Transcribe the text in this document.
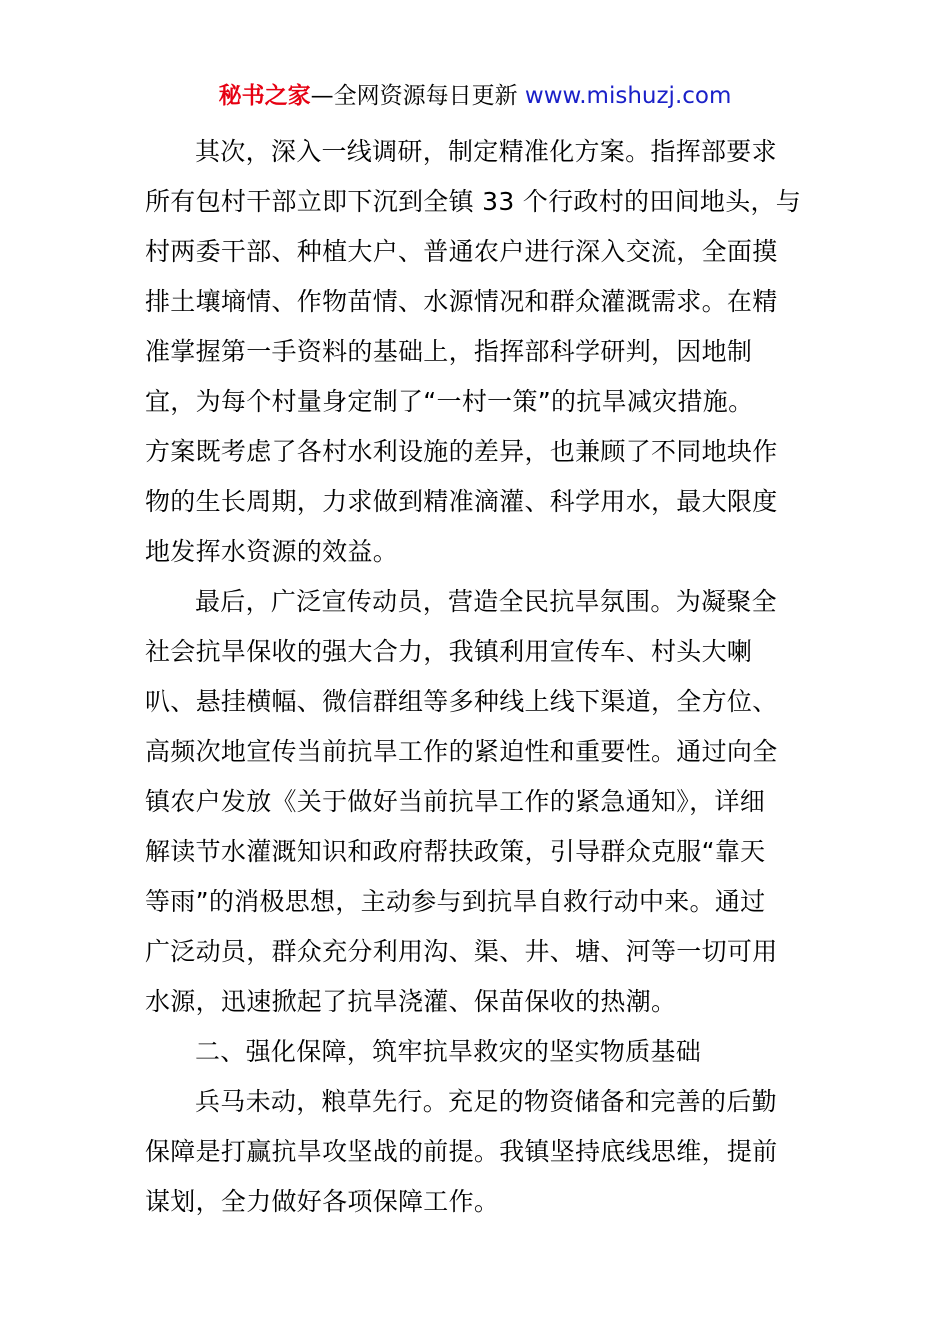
秘书之家—全网资源每日更新 www.mishuzj.com
其次，深入一线调研，制定精准化方案。指挥部要求
所有包村干部立即下沉到全镇 33 个行政村的田间地头，与
村两委干部、种植大户、普通农户进行深入交流，全面摸
排土壤墒情、作物苗情、水源情况和群众灌溉需求。在精
准掌握第一手资料的基础上，指挥部科学研判，因地制
宜，为每个村量身定制了“一村一策”的抗旱减灾措施。
方案既考虑了各村水利设施的差异，也兼顾了不同地块作
物的生长周期，力求做到精准滴灌、科学用水，最大限度
地发挥水资源的效益。
最后，广泛宣传动员，营造全民抗旱氛围。为凝聚全
社会抗旱保收的强大合力，我镇利用宣传车、村头大喇
叭、悬挂横幅、微信群组等多种线上线下渠道，全方位、
高频次地宣传当前抗旱工作的紧迫性和重要性。通过向全
镇农户发放《关于做好当前抗旱工作的紧急通知》，详细
解读节水灌溉知识和政府帮扶政策，引导群众克服“靠天
等雨”的消极思想，主动参与到抗旱自救行动中来。通过
广泛动员，群众充分利用沟、渠、井、塘、河等一切可用
水源，迅速掀起了抗旱浇灌、保苗保收的热潮。
二、强化保障，筑牢抗旱救灾的坚实物质基础
兵马未动，粮草先行。充足的物资储备和完善的后勤
保障是打赢抗旱攻坚战的前提。我镇坚持底线思维，提前
谋划，全力做好各项保障工作。
